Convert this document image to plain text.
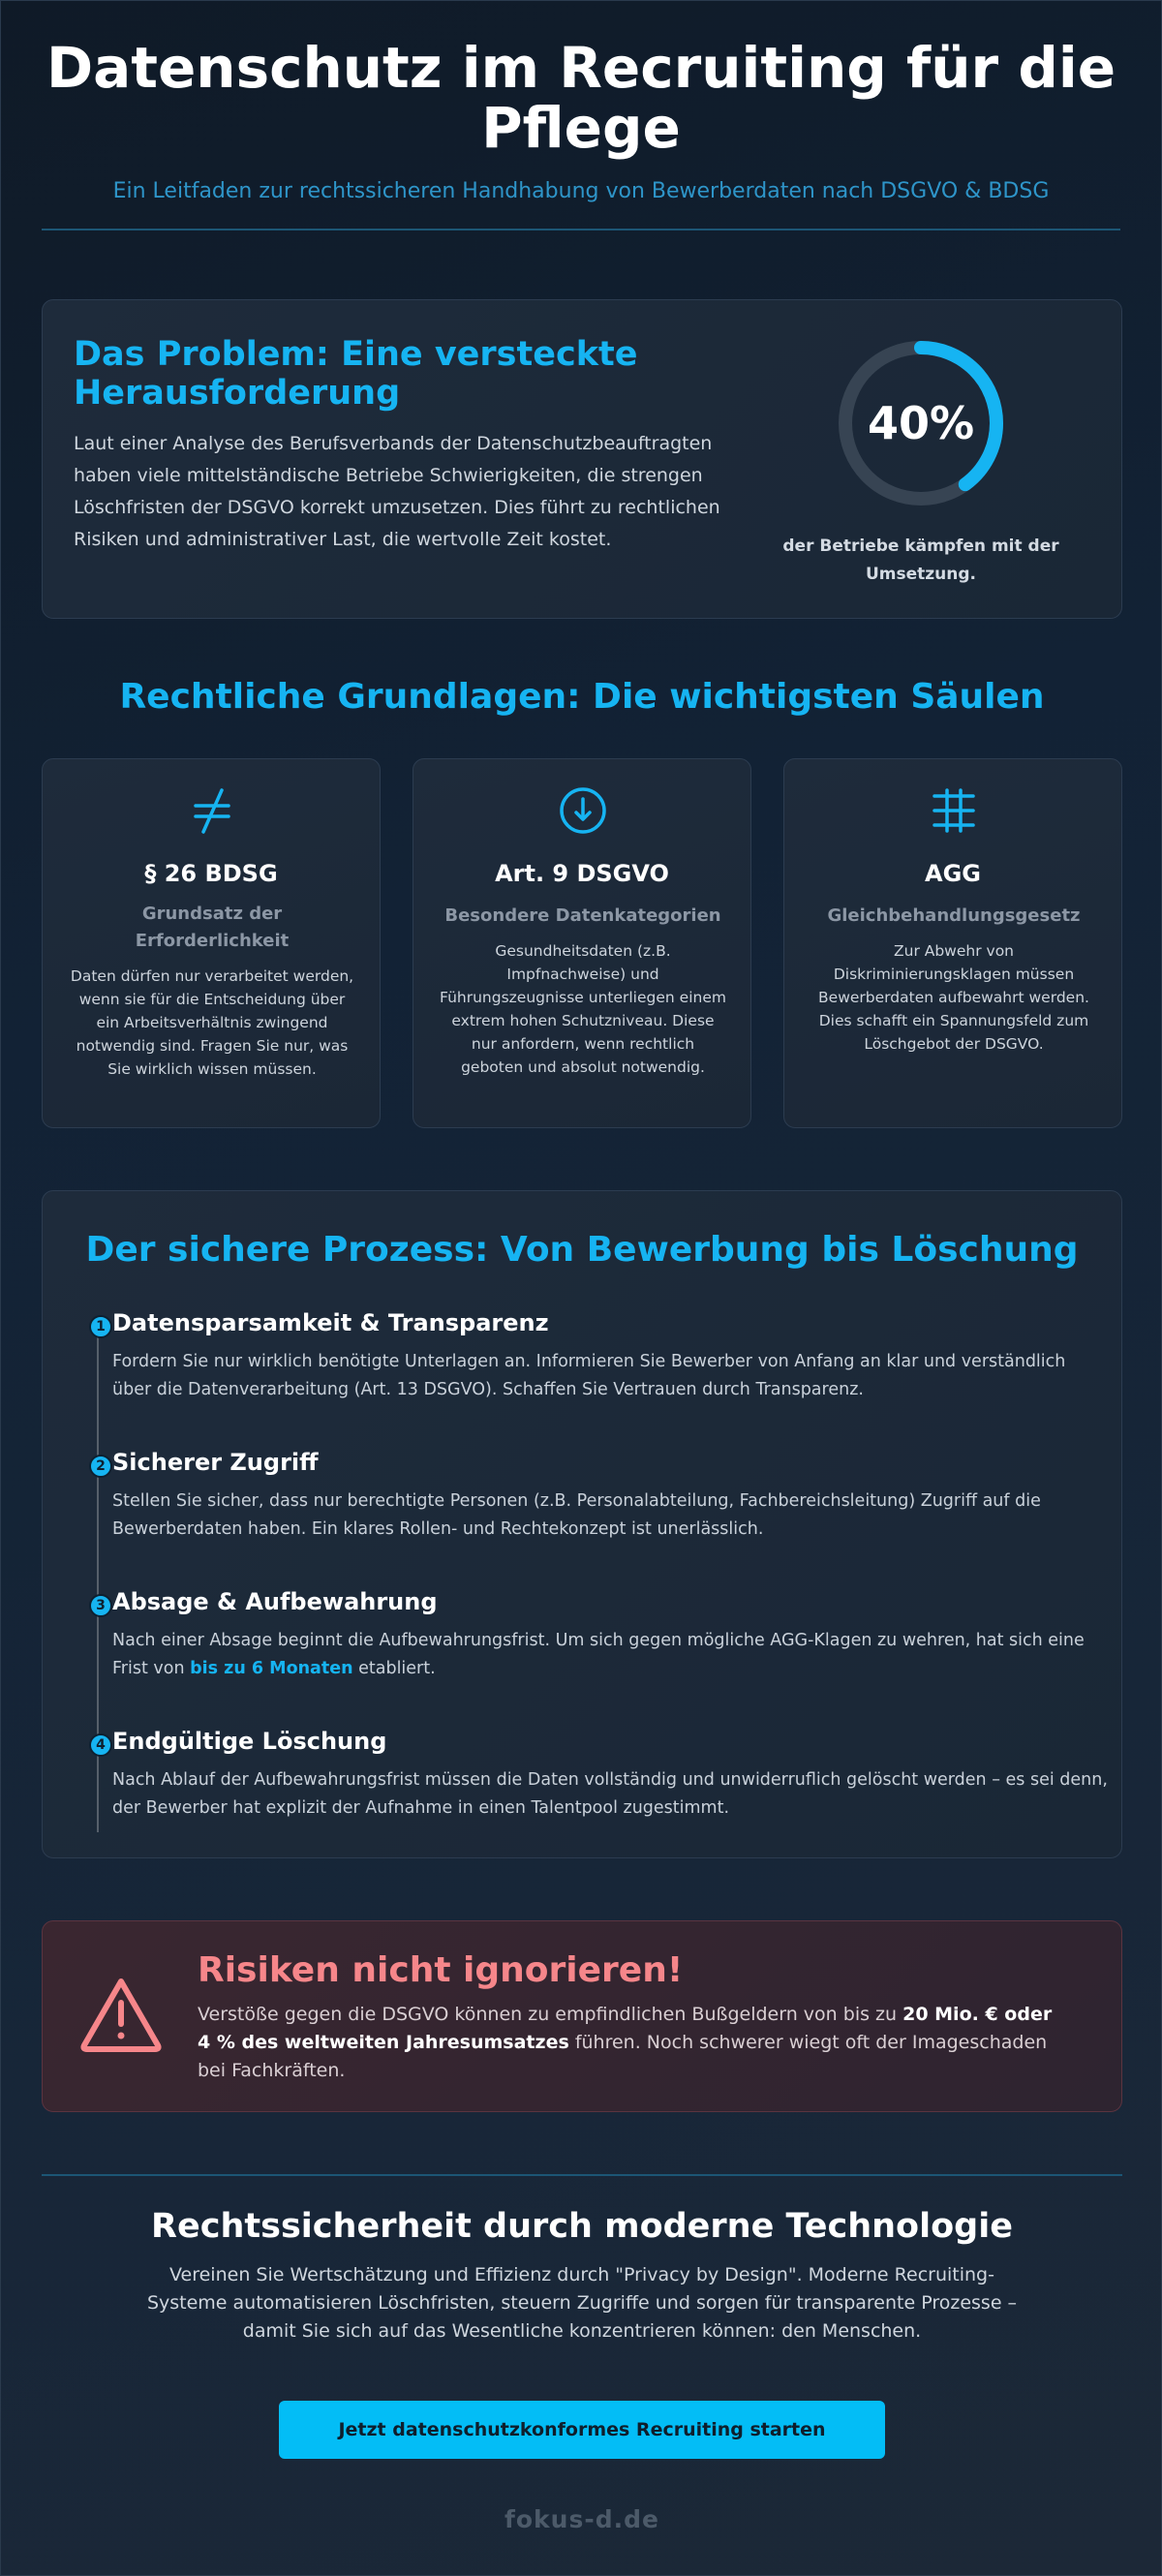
Datenschutz im Recruiting für die Pflege
Ein Leitfaden zur rechtssicheren Handhabung von Bewerberdaten nach DSGVO & BDSG
Das Problem: Eine versteckte Herausforderung

Laut einer Analyse des Berufsverbands der Datenschutzbeauftragten haben viele mittelständische Betriebe Schwierigkeiten, die strengen Löschfristen der DSGVO korrekt umzusetzen. Dies führt zu rechtlichen Risiken und administrativer Last, die wertvolle Zeit kostet.

40%
der Betriebe kämpfen mit der Umsetzung.
Rechtliche Grundlagen: Die wichtigsten Säulen
§ 26 BDSG
Grundsatz der Erforderlichkeit

Daten dürfen nur verarbeitet werden, wenn sie für die Entscheidung über ein Arbeitsverhältnis zwingend notwendig sind. Fragen Sie nur, was Sie wirklich wissen müssen.

Art. 9 DSGVO
Besondere Datenkategorien

Gesundheitsdaten (z.B. Impfnachweise) und Führungszeugnisse unterliegen einem extrem hohen Schutzniveau. Diese nur anfordern, wenn rechtlich geboten und absolut notwendig.

AGG
Gleichbehandlungsgesetz

Zur Abwehr von Diskriminierungsklagen müssen Bewerberdaten aufbewahrt werden. Dies schafft ein Spannungsfeld zum Löschgebot der DSGVO.

Der sichere Prozess: Von Bewerbung bis Löschung
1 Datensparsamkeit & Transparenz

Fordern Sie nur wirklich benötigte Unterlagen an. Informieren Sie Bewerber von Anfang an klar und verständlich über die Datenverarbeitung (Art. 13 DSGVO). Schaffen Sie Vertrauen durch Transparenz.

2 Sicherer Zugriff

Stellen Sie sicher, dass nur berechtigte Personen (z.B. Personalabteilung, Fachbereichsleitung) Zugriff auf die Bewerberdaten haben. Ein klares Rollen- und Rechtekonzept ist unerlässlich.

3 Absage & Aufbewahrung

Nach einer Absage beginnt die Aufbewahrungsfrist. Um sich gegen mögliche AGG-Klagen zu wehren, hat sich eine Frist von bis zu 6 Monaten etabliert.

4 Endgültige Löschung

Nach Ablauf der Aufbewahrungsfrist müssen die Daten vollständig und unwiderruflich gelöscht werden – es sei denn, der Bewerber hat explizit der Aufnahme in einen Talentpool zugestimmt.

Risiken nicht ignorieren!

Verstöße gegen die DSGVO können zu empfindlichen Bußgeldern von bis zu 20 Mio. € oder 4 % des weltweiten Jahresumsatzes führen. Noch schwerer wiegt oft der Imageschaden bei Fachkräften.

Rechtssicherheit durch moderne Technologie

Vereinen Sie Wertschätzung und Effizienz durch "Privacy by Design". Moderne Recruiting-Systeme automatisieren Löschfristen, steuern Zugriffe und sorgen für transparente Prozesse – damit Sie sich auf das Wesentliche konzentrieren können: den Menschen.

Jetzt datenschutzkonformes Recruiting starten
fokus-d.de
